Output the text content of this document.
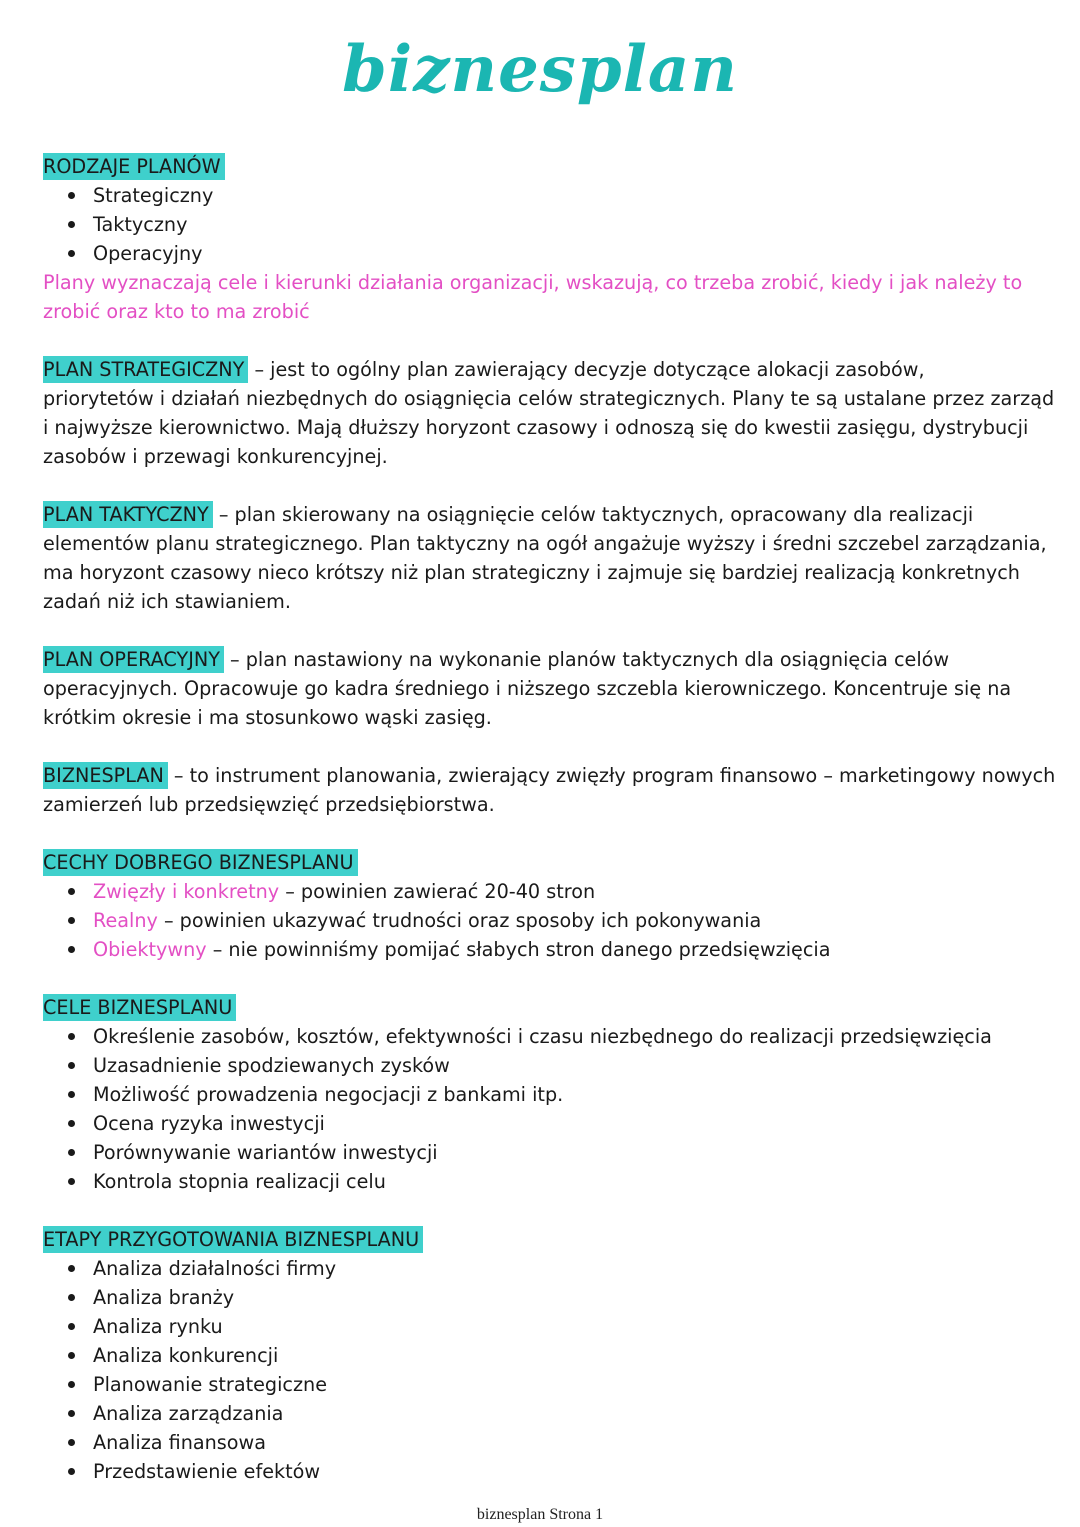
biznesplan
RODZAJE PLANÓW
Strategiczny
Taktyczny
Operacyjny
Plany wyznaczają cele i kierunki działania organizacji, wskazują, co trzeba zrobić, kiedy i jak należy to
zrobić oraz kto to ma zrobić
PLAN STRATEGICZNY – jest to ogólny plan zawierający decyzje dotyczące alokacji zasobów,
priorytetów i działań niezbędnych do osiągnięcia celów strategicznych. Plany te są ustalane przez zarząd
i najwyższe kierownictwo. Mają dłuższy horyzont czasowy i odnoszą się do kwestii zasięgu, dystrybucji
zasobów i przewagi konkurencyjnej.
PLAN TAKTYCZNY – plan skierowany na osiągnięcie celów taktycznych, opracowany dla realizacji
elementów planu strategicznego. Plan taktyczny na ogół angażuje wyższy i średni szczebel zarządzania,
ma horyzont czasowy nieco krótszy niż plan strategiczny i zajmuje się bardziej realizacją konkretnych
zadań niż ich stawianiem.
PLAN OPERACYJNY – plan nastawiony na wykonanie planów taktycznych dla osiągnięcia celów
operacyjnych. Opracowuje go kadra średniego i niższego szczebla kierowniczego. Koncentruje się na
krótkim okresie i ma stosunkowo wąski zasięg.
BIZNESPLAN – to instrument planowania, zwierający zwięzły program finansowo – marketingowy nowych
zamierzeń lub przedsięwzięć przedsiębiorstwa.
CECHY DOBREGO BIZNESPLANU
Zwięzły i konkretny – powinien zawierać 20-40 stron
Realny – powinien ukazywać trudności oraz sposoby ich pokonywania
Obiektywny – nie powinniśmy pomijać słabych stron danego przedsięwzięcia
CELE BIZNESPLANU
Określenie zasobów, kosztów, efektywności i czasu niezbędnego do realizacji przedsięwzięcia
Uzasadnienie spodziewanych zysków
Możliwość prowadzenia negocjacji z bankami itp.
Ocena ryzyka inwestycji
Porównywanie wariantów inwestycji
Kontrola stopnia realizacji celu
ETAPY PRZYGOTOWANIA BIZNESPLANU
Analiza działalności firmy
Analiza branży
Analiza rynku
Analiza konkurencji
Planowanie strategiczne
Analiza zarządzania
Analiza finansowa
Przedstawienie efektów
biznesplan Strona 1
